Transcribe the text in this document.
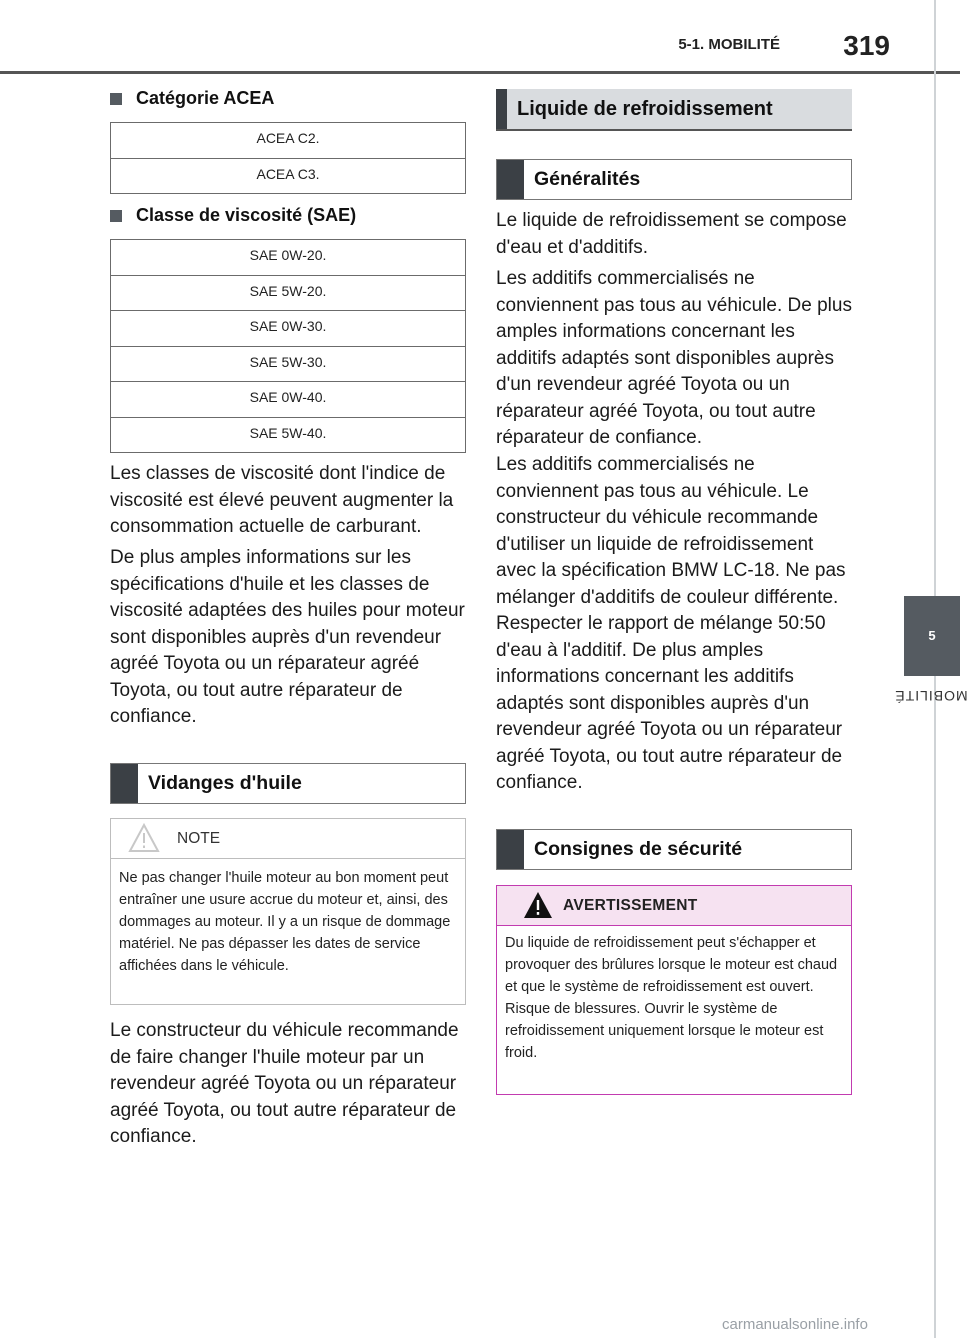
5-1. MOBILITÉ 319
5
MOBILITÉ
Catégorie ACEA
ACEA C2.
ACEA C3.
Classe de viscosité (SAE)
SAE 0W-20.
SAE 5W-20.
SAE 0W-30.
SAE 5W-30.
SAE 0W-40.
SAE 5W-40.

Les classes de viscosité dont l'indice de viscosité est élevé peuvent augmenter la consommation actuelle de carburant.

De plus amples informations sur les spécifications d'huile et les classes de viscosité adaptées des huiles pour moteur sont disponibles auprès d'un revendeur agréé Toyota ou un réparateur agréé Toyota, ou tout autre réparateur de confiance.

Vidanges d'huile
NOTE
Ne pas changer l'huile moteur au bon moment peut entraîner une usure accrue du moteur et, ainsi, des dommages au moteur. Il y a un risque de dommage matériel. Ne pas dépasser les dates de service affichées dans le véhicule.

Le constructeur du véhicule recommande de faire changer l'huile moteur par un revendeur agréé Toyota ou un réparateur agréé Toyota, ou tout autre réparateur de confiance.

Liquide de refroidissement
Généralités

Le liquide de refroidissement se compose d'eau et d'additifs.

Les additifs commercialisés ne conviennent pas tous au véhicule. De plus amples informations concernant les additifs adaptés sont disponibles auprès d'un revendeur agréé Toyota ou un réparateur agréé Toyota, ou tout autre réparateur de confiance.

Les additifs commercialisés ne conviennent pas tous au véhicule. Le constructeur du véhicule recommande d'utiliser un liquide de refroidissement avec la spécification BMW LC-18. Ne pas mélanger d'additifs de couleur différente. Respecter le rapport de mélange 50:50 d'eau à l'additif. De plus amples informations concernant les additifs adaptés sont disponibles auprès d'un revendeur agréé Toyota ou un réparateur agréé Toyota, ou tout autre réparateur de confiance.

Consignes de sécurité
AVERTISSEMENT
Du liquide de refroidissement peut s'échapper et provoquer des brûlures lorsque le moteur est chaud et que le système de refroidissement est ouvert. Risque de blessures. Ouvrir le système de refroidissement uniquement lorsque le moteur est froid.
carmanualsonline.info
